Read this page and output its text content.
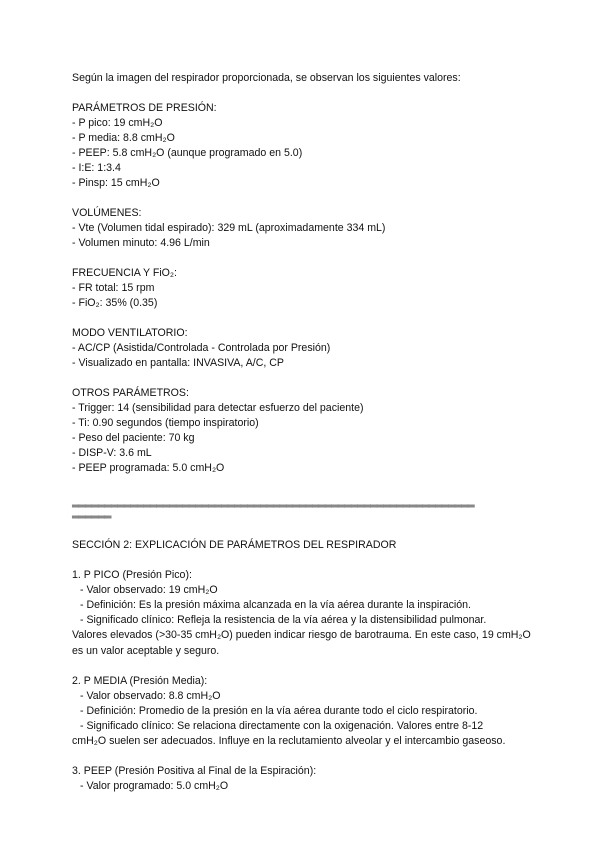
Según la imagen del respirador proporcionada, se observan los siguientes valores:
PARÁMETROS DE PRESIÓN:
- P pico: 19 cmH₂O
- P media: 8.8 cmH₂O
- PEEP: 5.8 cmH₂O (aunque programado en 5.0)
- I:E: 1:3.4
- Pinsp: 15 cmH₂O
VOLÚMENES:
- Vte (Volumen tidal espirado): 329 mL (aproximadamente 334 mL)
- Volumen minuto: 4.96 L/min
FRECUENCIA Y FiO₂:
- FR total: 15 rpm
- FiO₂: 35% (0.35)
MODO VENTILATORIO:
- AC/CP (Asistida/Controlada - Controlada por Presión)
- Visualizado en pantalla: INVASIVA, A/C, CP
OTROS PARÁMETROS:
- Trigger: 14 (sensibilidad para detectar esfuerzo del paciente)
- Ti: 0.90 segundos (tiempo inspiratorio)
- Peso del paciente: 70 kg
- DISP-V: 3.6 mL
- PEEP programada: 5.0 cmH₂O
══════════════════════════════════════════════════════════════
══════
SECCIÓN 2: EXPLICACIÓN DE PARÁMETROS DEL RESPIRADOR
1. P PICO (Presión Pico):
- Valor observado: 19 cmH₂O
- Definición: Es la presión máxima alcanzada en la vía aérea durante la inspiración.
- Significado clínico: Refleja la resistencia de la vía aérea y la distensibilidad pulmonar.
Valores elevados (>30-35 cmH₂O) pueden indicar riesgo de barotrauma. En este caso, 19 cmH₂O es un valor aceptable y seguro.
2. P MEDIA (Presión Media):
- Valor observado: 8.8 cmH₂O
- Definición: Promedio de la presión en la vía aérea durante todo el ciclo respiratorio.
- Significado clínico: Se relaciona directamente con la oxigenación. Valores entre 8-12
cmH₂O suelen ser adecuados. Influye en la reclutamiento alveolar y el intercambio gaseoso.
3. PEEP (Presión Positiva al Final de la Espiración):
- Valor programado: 5.0 cmH₂O
